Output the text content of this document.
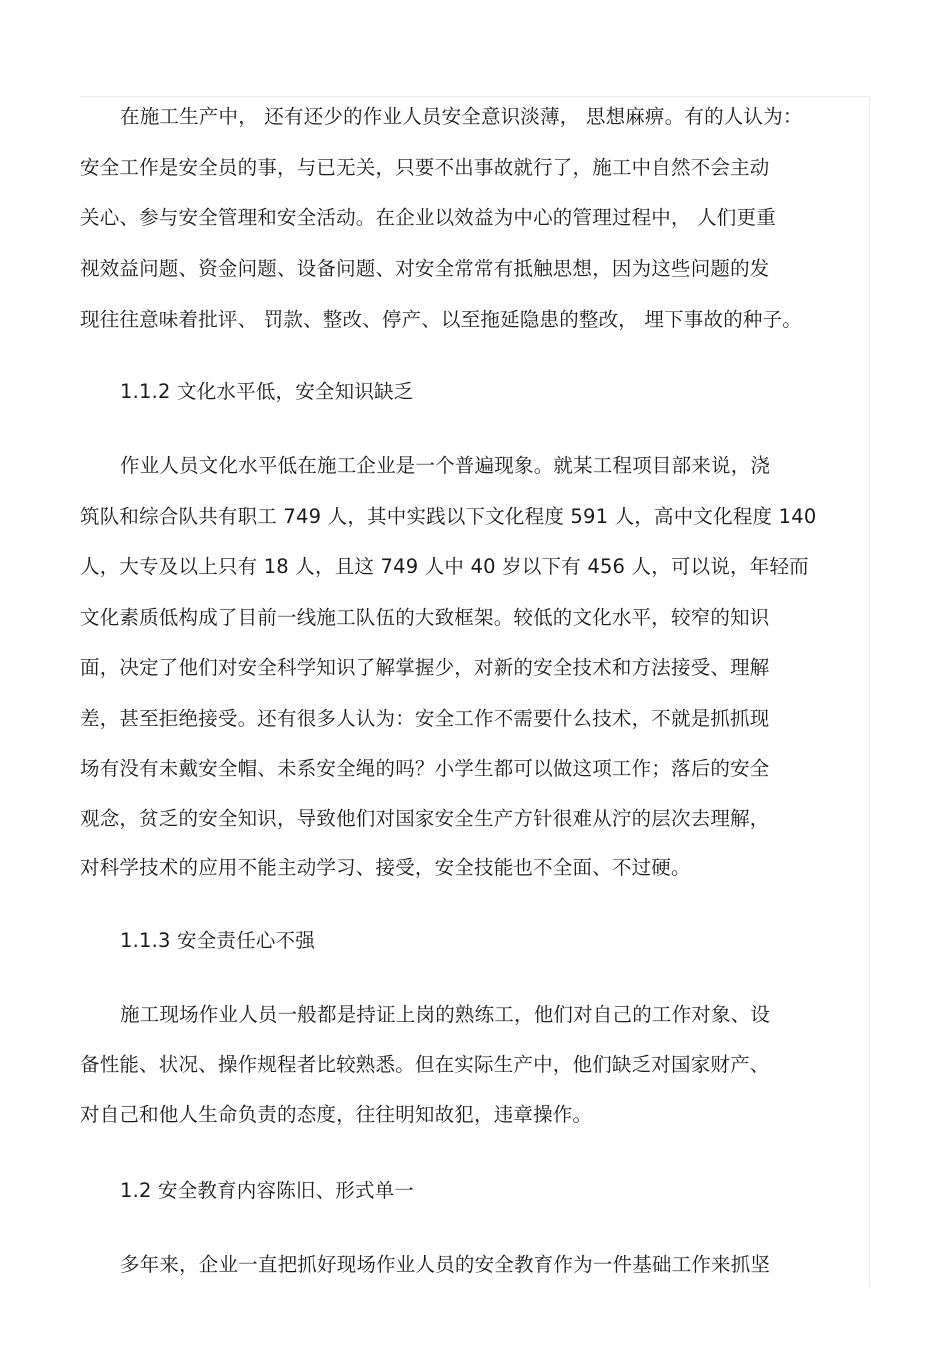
在施工生产中， 还有还少的作业人员安全意识淡薄， 思想麻痹。有的人认为：
安全工作是安全员的事，与已无关，只要不出事故就行了，施工中自然不会主动
关心、参与安全管理和安全活动。在企业以效益为中心的管理过程中， 人们更重
视效益问题、资金问题、设备问题、对安全常常有抵触思想，因为这些问题的发
现往往意味着批评、 罚款、整改、停产、以至拖延隐患的整改， 埋下事故的种子。
1.1.2 文化水平低，安全知识缺乏
作业人员文化水平低在施工企业是一个普遍现象。就某工程项目部来说，浇
筑队和综合队共有职工 749 人，其中实践以下文化程度 591 人，高中文化程度 140
人，大专及以上只有 18 人，且这 749 人中 40 岁以下有 456 人，可以说，年轻而
文化素质低构成了目前一线施工队伍的大致框架。较低的文化水平，较窄的知识
面，决定了他们对安全科学知识了解掌握少，对新的安全技术和方法接受、理解
差，甚至拒绝接受。还有很多人认为：安全工作不需要什么技术，不就是抓抓现
场有没有未戴安全帽、未系安全绳的吗？小学生都可以做这项工作；落后的安全
观念，贫乏的安全知识，导致他们对国家安全生产方针很难从泞的层次去理解，
对科学技术的应用不能主动学习、接受，安全技能也不全面、不过硬。
1.1.3 安全责任心不强
施工现场作业人员一般都是持证上岗的熟练工，他们对自己的工作对象、设
备性能、状况、操作规程者比较熟悉。但在实际生产中，他们缺乏对国家财产、
对自己和他人生命负责的态度，往往明知故犯，违章操作。
1.2 安全教育内容陈旧、形式单一
多年来，企业一直把抓好现场作业人员的安全教育作为一件基础工作来抓坚
